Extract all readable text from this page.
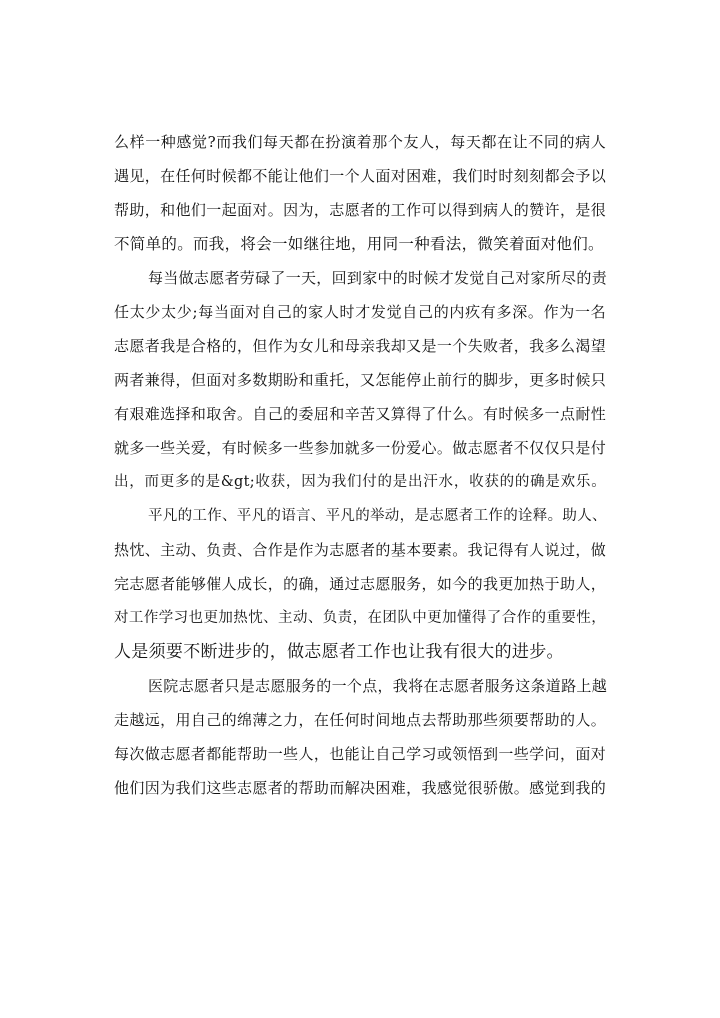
么样一种感觉?而我们每天都在扮演着那个友人，每天都在让不同的病人
遇见，在任何时候都不能让他们一个人面对困难，我们时时刻刻都会予以
帮助，和他们一起面对。因为，志愿者的工作可以得到病人的赞许，是很
不简单的。而我，将会一如继往地，用同一种看法，微笑着面对他们。
每当做志愿者劳碌了一天，回到家中的时候才发觉自己对家所尽的责
任太少太少;每当面对自己的家人时才发觉自己的内疚有多深。作为一名
志愿者我是合格的，但作为女儿和母亲我却又是一个失败者，我多么渴望
两者兼得，但面对多数期盼和重托，又怎能停止前行的脚步，更多时候只
有艰难选择和取舍。自己的委屈和辛苦又算得了什么。有时候多一点耐性
就多一些关爱，有时候多一些参加就多一份爱心。做志愿者不仅仅只是付
出，而更多的是&gt;收获，因为我们付的是出汗水，收获的的确是欢乐。
平凡的工作、平凡的语言、平凡的举动，是志愿者工作的诠释。助人、
热忱、主动、负责、合作是作为志愿者的基本要素。我记得有人说过，做
完志愿者能够催人成长，的确，通过志愿服务，如今的我更加热于助人，
对工作学习也更加热忱、主动、负责，在团队中更加懂得了合作的重要性，
人是须要不断进步的，做志愿者工作也让我有很大的进步。
医院志愿者只是志愿服务的一个点，我将在志愿者服务这条道路上越
走越远，用自己的绵薄之力，在任何时间地点去帮助那些须要帮助的人。
每次做志愿者都能帮助一些人，也能让自己学习或领悟到一些学问，面对
他们因为我们这些志愿者的帮助而解决困难，我感觉很骄傲。感觉到我的
